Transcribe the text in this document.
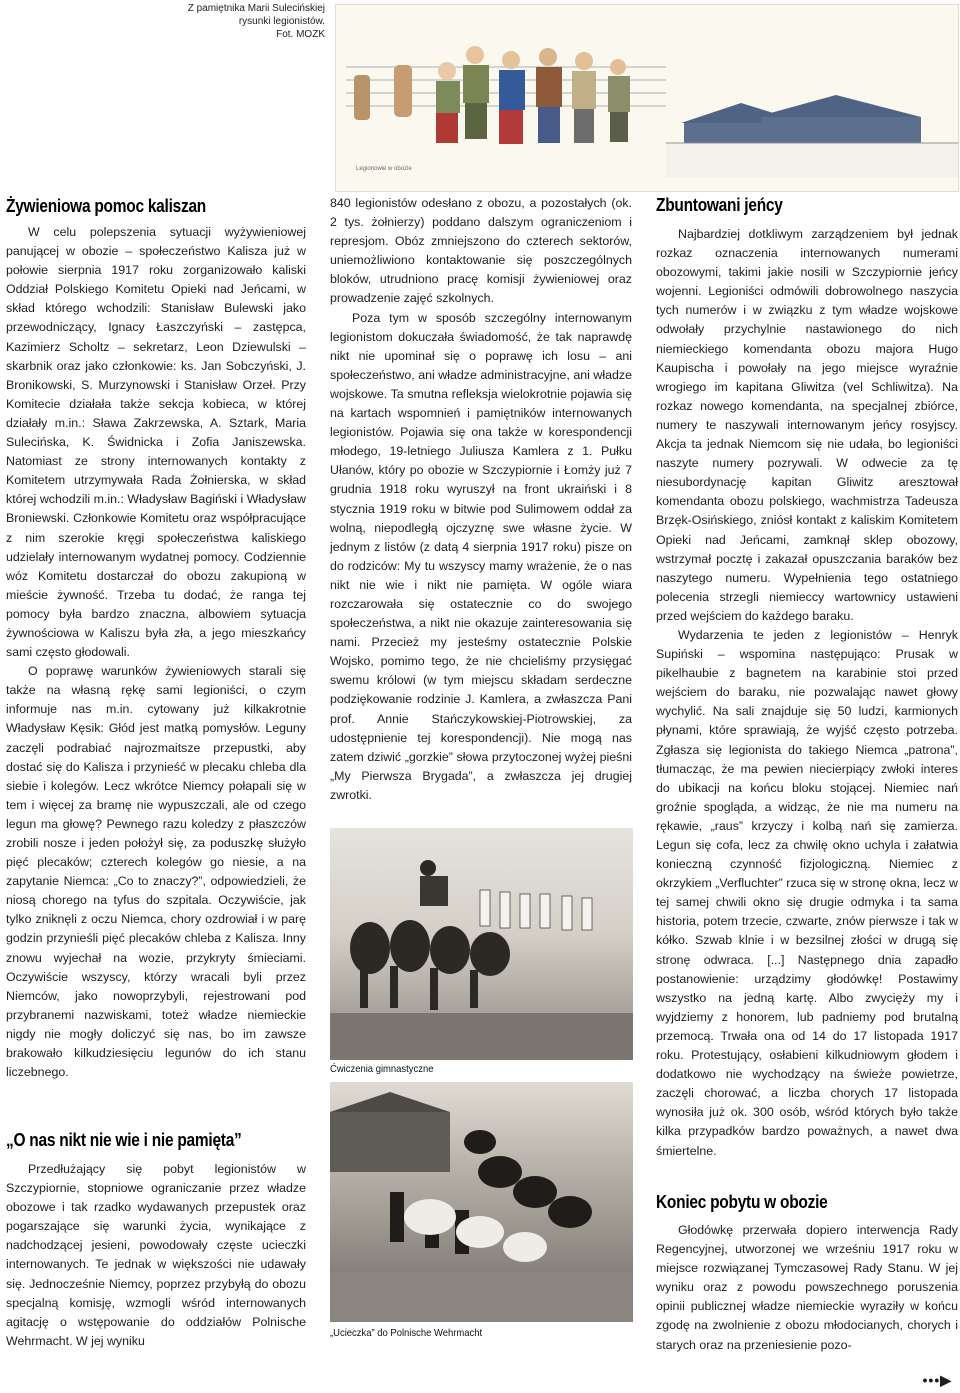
Z pamiętnika Marii Sulecińskiej
rysunki legionistów.
Fot. MOZK
Legionowie w obozie
Żywieniowa pomoc kaliszan

W celu polepszenia sytuacji wyżywieniowej panującej w obozie – społeczeństwo Kalisza już w połowie sierpnia 1917 roku zorganizowało kaliski Oddział Polskiego Komitetu Opieki nad Jeńcami, w skład którego wchodzili: Stanisław Bulewski jako przewodniczący, Ignacy Łaszczyński – zastępca, Kazimierz Scholtz – sekretarz, Leon Dziewulski – skarbnik oraz jako członkowie: ks. Jan Sobczyński, J. Bronikowski, S. Murzynowski i Stanisław Orzeł. Przy Komitecie działała także sekcja kobieca, w której działały m.in.: Sława Zakrzewska, A. Sztark, Maria Sulecińska, K. Świdnicka i Zofia Janiszewska. Natomiast ze strony internowanych kontakty z Komitetem utrzymywała Rada Żołnierska, w skład której wchodzili m.in.: Władysław Bagiński i Władysław Broniewski. Członkowie Komitetu oraz współpracujące z nim szerokie kręgi społeczeństwa kaliskiego udzielały internowanym wydatnej pomocy. Codziennie wóz Komitetu dostarczał do obozu zakupioną w mieście żywność. Trzeba tu dodać, że ranga tej pomocy była bardzo znaczna, albowiem sytuacja żywnościowa w Kaliszu była zła, a jego mieszkańcy sami często głodowali.

O poprawę warunków żywieniowych starali się także na własną rękę sami legioniści, o czym informuje nas m.in. cytowany już kilkakrotnie Władysław Kęsik: Głód jest matką pomysłów. Leguny zaczęli podrabiać najrozmaitsze przepustki, aby dostać się do Kalisza i przynieść w plecaku chleba dla siebie i kolegów. Lecz wkrótce Niemcy połapali się w tem i więcej za bramę nie wypuszczali, ale od czego legun ma głowę? Pewnego razu koledzy z płaszczów zrobili nosze i jeden położył się, za poduszkę służyło pięć plecaków; czterech kolegów go niesie, a na zapytanie Niemca: „Co to znaczy?”, odpowiedzieli, że niosą chorego na tyfus do szpitala. Oczywiście, jak tylko zniknęli z oczu Niemca, chory ozdrowiał i w parę godzin przynieśli pięć plecaków chleba z Kalisza. Inny znowu wyjechał na wozie, przykryty śmieciami. Oczywiście wszyscy, którzy wracali byli przez Niemców, jako nowoprzybyli, rejestrowani pod przybranemi nazwiskami, toteż władze niemieckie nigdy nie mogły doliczyć się nas, bo im zawsze brakowało kilkudziesięciu legunów do ich stanu liczebnego.

„O nas nikt nie wie i nie pamięta”

Przedłużający się pobyt legionistów w Szczypiornie, stopniowe ograniczanie przez władze obozowe i tak rzadko wydawanych przepustek oraz pogarszające się warunki życia, wynikające z nadchodzącej jesieni, powodowały częste ucieczki internowanych. Te jednak w większości nie udawały się. Jednocześnie Niemcy, poprzez przybyłą do obozu specjalną komisję, wzmogli wśród internowanych agitację o wstępowanie do oddziałów Polnische Wehrmacht. W jej wyniku

840 legionistów odesłano z obozu, a pozostałych (ok. 2 tys. żołnierzy) poddano dalszym ograniczeniom i represjom. Obóz zmniejszono do czterech sektorów, uniemożliwiono kontaktowanie się poszczególnych bloków, utrudniono pracę komisji żywieniowej oraz prowadzenie zajęć szkolnych.

Poza tym w sposób szczególny internowanym legionistom dokuczała świadomość, że tak naprawdę nikt nie upominał się o poprawę ich losu – ani społeczeństwo, ani władze administracyjne, ani władze wojskowe. Ta smutna refleksja wielokrotnie pojawia się na kartach wspomnień i pamiętników internowanych legionistów. Pojawia się ona także w korespondencji młodego, 19-letniego Juliusza Kamlera z 1. Pułku Ułanów, który po obozie w Szczypiornie i Łomży już 7 grudnia 1918 roku wyruszył na front ukraiński i 8 stycznia 1919 roku w bitwie pod Sulimowem oddał za wolną, niepodległą ojczyznę swe własne życie. W jednym z listów (z datą 4 sierpnia 1917 roku) pisze on do rodziców: My tu wszyscy mamy wrażenie, że o nas nikt nie wie i nikt nie pamięta. W ogóle wiara rozczarowała się ostatecznie co do swojego społeczeństwa, a nikt nie okazuje zainteresowania się nami. Przecież my jesteśmy ostatecznie Polskie Wojsko, pomimo tego, że nie chcieliśmy przysięgać swemu królowi (w tym miejscu składam serdeczne podziękowanie rodzinie J. Kamlera, a zwłaszcza Pani prof. Annie Stańczykowskiej-Piotrowskiej, za udostępnienie tej korespondencji). Nie mogą nas zatem dziwić „gorzkie” słowa przytoczonej wyżej pieśni „My Pierwsza Brygada”, a zwłaszcza jej drugiej zwrotki.

Ćwiczenia gimnastyczne
„Ucieczka” do Polnische Wehrmacht
Zbuntowani jeńcy

Najbardziej dotkliwym zarządzeniem był jednak rozkaz oznaczenia internowanych numerami obozowymi, takimi jakie nosili w Szczypiornie jeńcy wojenni. Legioniści odmówili dobrowolnego naszycia tych numerów i w związku z tym władze wojskowe odwołały przychylnie nastawionego do nich niemieckiego komendanta obozu majora Hugo Kaupischa i powołały na jego miejsce wyraźnie wrogiego im kapitana Gliwitza (vel Schliwitza). Na rozkaz nowego komendanta, na specjalnej zbiórce, numery te naszywali internowanym jeńcy rosyjscy. Akcja ta jednak Niemcom się nie udała, bo legioniści naszyte numery pozrywali. W odwecie za tę niesubordynację kapitan Gliwitz aresztował komendanta obozu polskiego, wachmistrza Tadeusza Brzęk-Osińskiego, zniósł kontakt z kaliskim Komitetem Opieki nad Jeńcami, zamknął sklep obozowy, wstrzymał pocztę i zakazał opuszczania baraków bez naszytego numeru. Wypełnienia tego ostatniego polecenia strzegli niemieccy wartownicy ustawieni przed wejściem do każdego baraku.

Wydarzenia te jeden z legionistów – Henryk Supiński – wspomina następująco: Prusak w pikelhaubie z bagnetem na karabinie stoi przed wejściem do baraku, nie pozwalając nawet głowy wychylić. Na sali znajduje się 50 ludzi, karmionych płynami, które sprawiają, że wyjść często potrzeba. Zgłasza się legionista do takiego Niemca „patrona”, tłumacząc, że ma pewien niecierpiący zwłoki interes do ubikacji na końcu bloku stojącej. Niemiec nań groźnie spogląda, a widząc, że nie ma numeru na rękawie, „raus” krzyczy i kolbą nań się zamierza. Legun się cofa, lecz za chwilę okno uchyla i załatwia konieczną czynność fizjologiczną. Niemiec z okrzykiem „Verfluchter” rzuca się w stronę okna, lecz w tej samej chwili okno się drugie odmyka i ta sama historia, potem trzecie, czwarte, znów pierwsze i tak w kółko. Szwab klnie i w bezsilnej złości w drugą się stronę odwraca. [...] Następnego dnia zapadło postanowienie: urządzimy głodówkę! Postawimy wszystko na jedną kartę. Albo zwycięży my i wyjdziemy z honorem, lub padniemy pod brutalną przemocą. Trwała ona od 14 do 17 listopada 1917 roku. Protestujący, osłabieni kilkudniowym głodem i dodatkowo nie wychodzący na świeże powietrze, zaczęli chorować, a liczba chorych 17 listopada wynosiła już ok. 300 osób, wśród których było także kilka przypadków bardzo poważnych, a nawet dwa śmiertelne.

Koniec pobytu w obozie

Głodówkę przerwała dopiero interwencja Rady Regencyjnej, utworzonej we wrześniu 1917 roku w miejsce rozwiązanej Tymczasowej Rady Stanu. W jej wyniku oraz z powodu powszechnego poruszenia opinii publicznej władze niemieckie wyraziły w końcu zgodę na zwolnienie z obozu młodocianych, chorych i starych oraz na przeniesienie pozo-

•••▶
